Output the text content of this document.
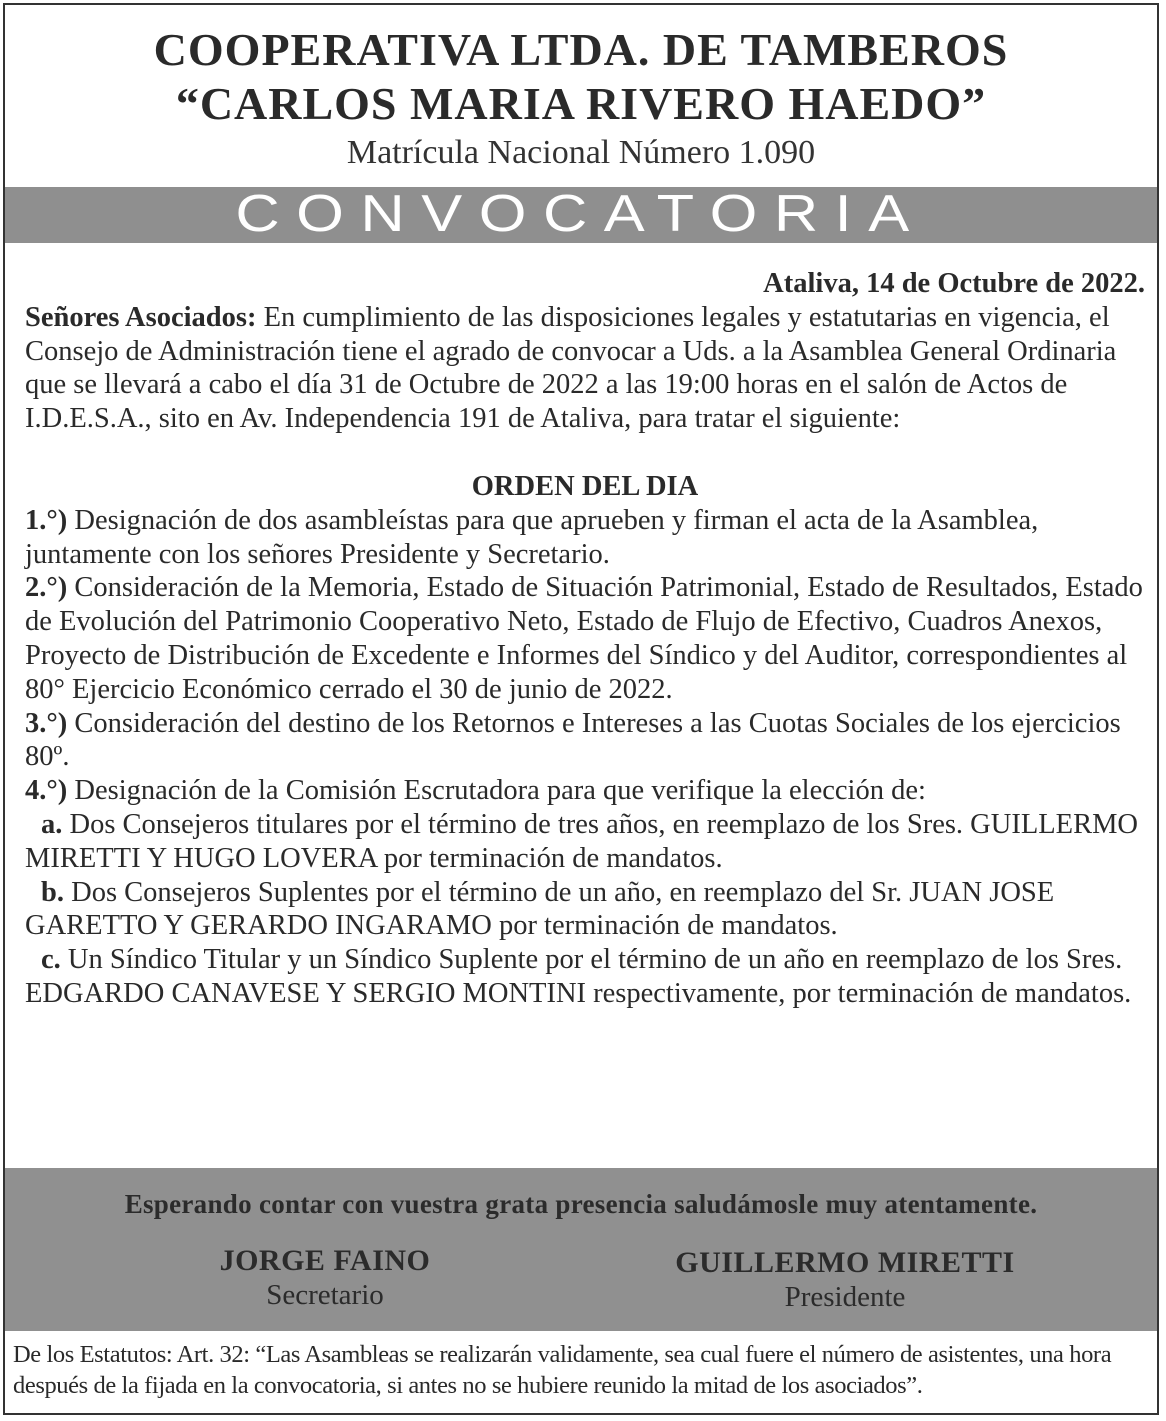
COOPERATIVA LTDA. DE TAMBEROS
“CARLOS MARIA RIVERO HAEDO”
Matrícula Nacional Número 1.090
CONVOCATORIA
Ataliva, 14 de Octubre de 2022.
Señores Asociados: En cumplimiento de las disposiciones legales y estatutarias en vigencia, el Consejo de Administración tiene el agrado de convocar a Uds. a la Asamblea General Ordinaria que se llevará a cabo el día 31 de Octubre de 2022 a las 19:00 horas en el salón de Actos de I.D.E.S.A., sito en Av. Independencia 191 de Ataliva, para tratar el siguiente:
ORDEN DEL DIA
1.°) Designación de dos asambleístas para que aprueben y firman el acta de la Asamblea, juntamente con los señores Presidente y Secretario.
2.°) Consideración de la Memoria, Estado de Situación Patrimonial, Estado de Resultados, Estado de Evolución del Patrimonio Cooperativo Neto, Estado de Flujo de Efectivo, Cuadros Anexos, Proyecto de Distribución de Excedente e Informes del Síndico y del Auditor, correspondientes al 80° Ejercicio Económico cerrado el 30 de junio de 2022.
3.°) Consideración del destino de los Retornos e Intereses a las Cuotas Sociales de los ejercicios 80º.
4.°) Designación de la Comisión Escrutadora para que verifique la elección de:
a. Dos Consejeros titulares por el término de tres años, en reemplazo de los Sres. GUILLERMO MIRETTI Y HUGO LOVERA por terminación de mandatos.
b. Dos Consejeros Suplentes por el término de un año, en reemplazo del Sr. JUAN JOSE GARETTO Y GERARDO INGARAMO por terminación de mandatos.
c. Un Síndico Titular y un Síndico Suplente por el término de un año en reemplazo de los Sres. EDGARDO CANAVESE Y SERGIO MONTINI respectivamente, por terminación de mandatos.
Esperando contar con vuestra grata presencia saludámosle muy atentamente.
JORGE FAINO
Secretario
GUILLERMO MIRETTI
Presidente
De los Estatutos: Art. 32: “Las Asambleas se realizarán validamente, sea cual fuere el número de asistentes, una hora después de la fijada en la convocatoria, si antes no se hubiere reunido la mitad de los asociados”.
